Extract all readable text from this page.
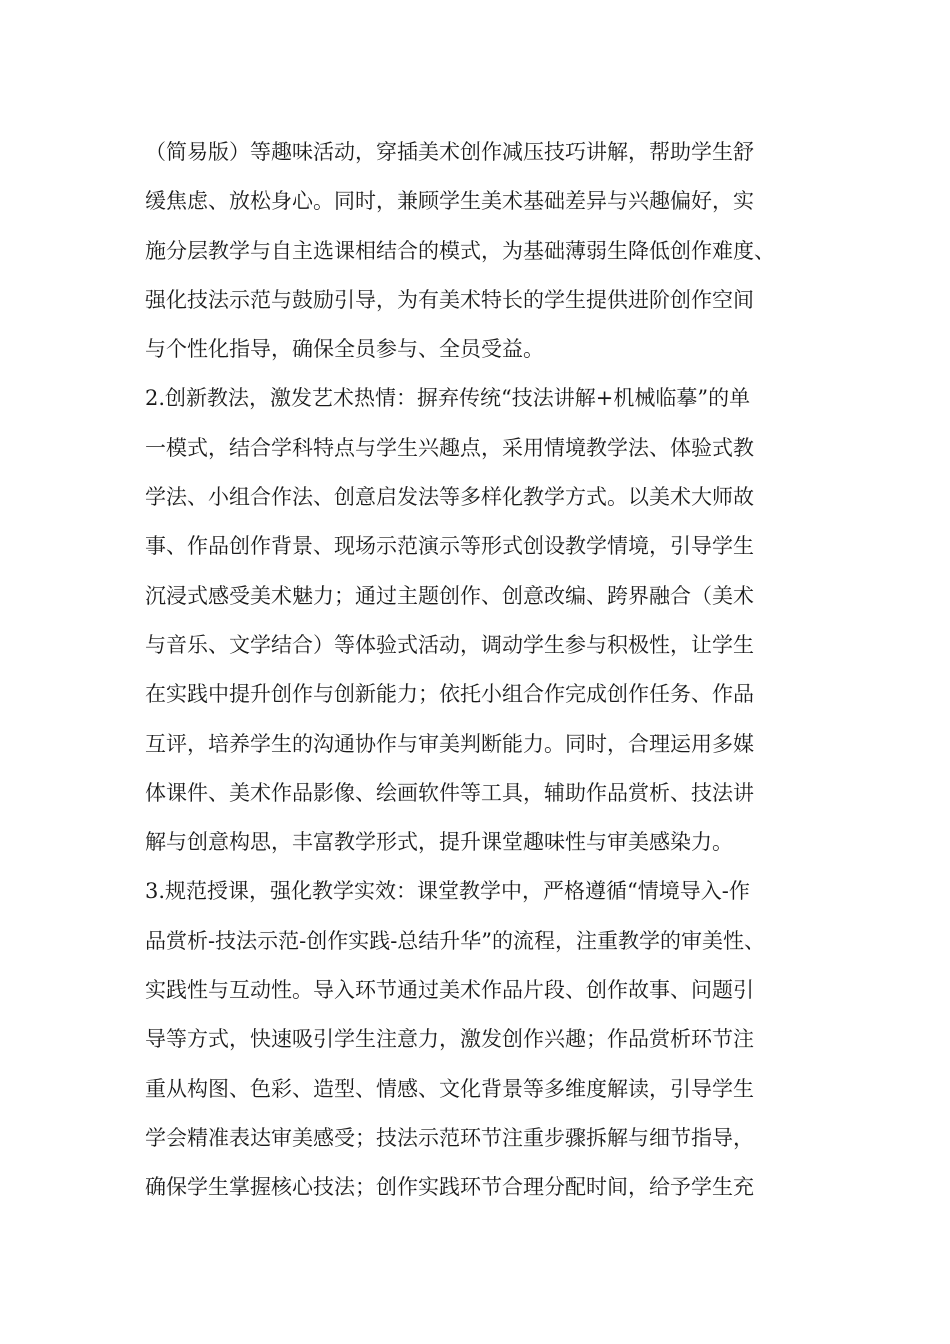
（简易版）等趣味活动，穿插美术创作减压技巧讲解，帮助学生舒
缓焦虑、放松身心。同时，兼顾学生美术基础差异与兴趣偏好，实
施分层教学与自主选课相结合的模式，为基础薄弱生降低创作难度、
强化技法示范与鼓励引导，为有美术特长的学生提供进阶创作空间
与个性化指导，确保全员参与、全员受益。
2.创新教法，激发艺术热情：摒弃传统“技法讲解+机械临摹”的单
一模式，结合学科特点与学生兴趣点，采用情境教学法、体验式教
学法、小组合作法、创意启发法等多样化教学方式。以美术大师故
事、作品创作背景、现场示范演示等形式创设教学情境，引导学生
沉浸式感受美术魅力；通过主题创作、创意改编、跨界融合（美术
与音乐、文学结合）等体验式活动，调动学生参与积极性，让学生
在实践中提升创作与创新能力；依托小组合作完成创作任务、作品
互评，培养学生的沟通协作与审美判断能力。同时，合理运用多媒
体课件、美术作品影像、绘画软件等工具，辅助作品赏析、技法讲
解与创意构思，丰富教学形式，提升课堂趣味性与审美感染力。
3.规范授课，强化教学实效：课堂教学中，严格遵循“情境导入-作
品赏析-技法示范-创作实践-总结升华”的流程，注重教学的审美性、
实践性与互动性。导入环节通过美术作品片段、创作故事、问题引
导等方式，快速吸引学生注意力，激发创作兴趣；作品赏析环节注
重从构图、色彩、造型、情感、文化背景等多维度解读，引导学生
学会精准表达审美感受；技法示范环节注重步骤拆解与细节指导，
确保学生掌握核心技法；创作实践环节合理分配时间，给予学生充
